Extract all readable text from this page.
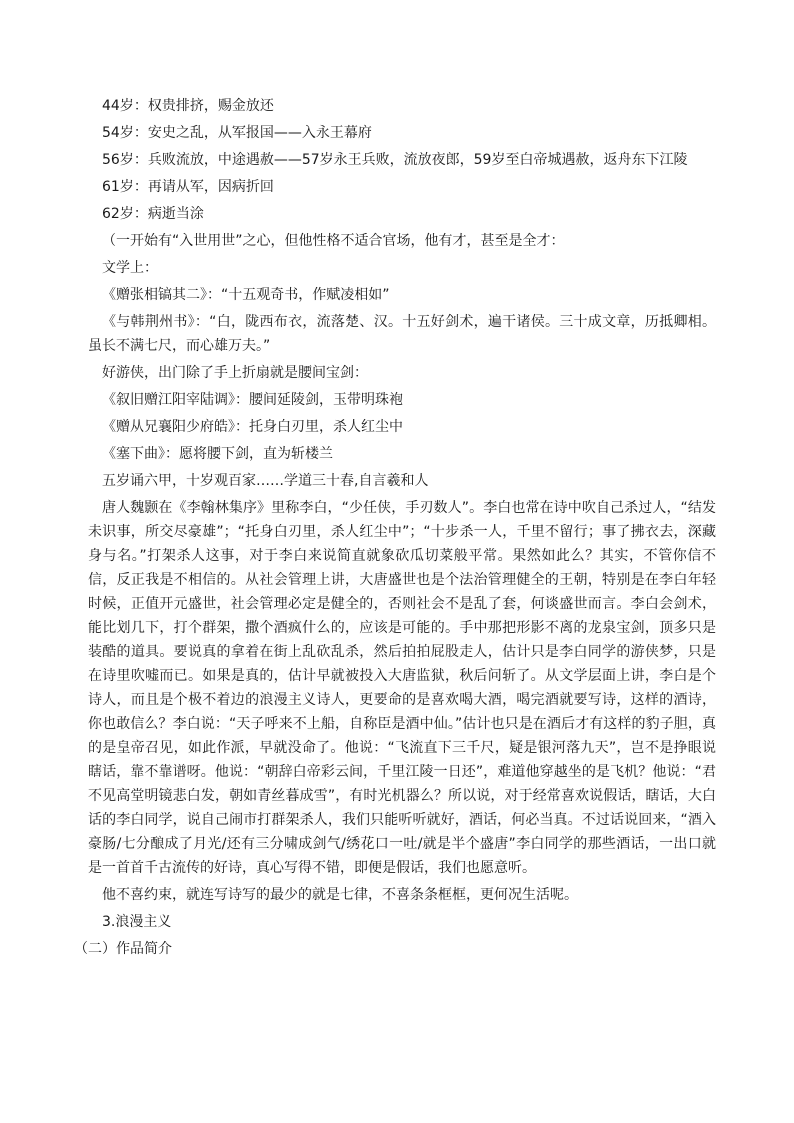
44岁：权贵排挤，赐金放还

54岁：安史之乱，从军报国——入永王幕府

56岁：兵败流放，中途遇赦——57岁永王兵败，流放夜郎，59岁至白帝城遇赦，返舟东下江陵

61岁：再请从军，因病折回

62岁：病逝当涂

（一开始有“入世用世”之心，但他性格不适合官场，他有才，甚至是全才：

文学上：

《赠张相镐其二》：“十五观奇书，作赋凌相如”

《与韩荆州书》：“白，陇西布衣，流落楚、汉。十五好剑术，遍干诸侯。三十成文章，历抵卿相。虽长不满七尺，而心雄万夫。”

好游侠，出门除了手上折扇就是腰间宝剑：

《叙旧赠江阳宰陆调》：腰间延陵剑，玉带明珠袍

《赠从兄襄阳少府皓》：托身白刃里，杀人红尘中

《塞下曲》：愿将腰下剑，直为斩楼兰

五岁诵六甲，十岁观百家……学道三十春,自言羲和人

唐人魏颢在《李翰林集序》里称李白，“少任侠，手刃数人”。李白也常在诗中吹自己杀过人，“结发未识事，所交尽豪雄”；“托身白刃里，杀人红尘中”；“十步杀一人，千里不留行；事了拂衣去，深藏身与名。”打架杀人这事，对于李白来说简直就象砍瓜切菜般平常。果然如此么？其实，不管你信不信，反正我是不相信的。从社会管理上讲，大唐盛世也是个法治管理健全的王朝，特别是在李白年轻时候，正值开元盛世，社会管理必定是健全的，否则社会不是乱了套，何谈盛世而言。李白会剑术，能比划几下，打个群架，撒个酒疯什么的，应该是可能的。手中那把形影不离的龙泉宝剑，顶多只是装酷的道具。要说真的拿着在街上乱砍乱杀，然后拍拍屁股走人，估计只是李白同学的游侠梦，只是在诗里吹嘘而已。如果是真的，估计早就被投入大唐监狱，秋后问斩了。从文学层面上讲，李白是个诗人，而且是个极不着边的浪漫主义诗人，更要命的是喜欢喝大酒，喝完酒就要写诗，这样的酒诗，你也敢信么？李白说：“天子呼来不上船，自称臣是酒中仙。”估计也只是在酒后才有这样的豹子胆，真的是皇帝召见，如此作派，早就没命了。他说：“飞流直下三千尺，疑是银河落九天”，岂不是挣眼说瞎话，靠不靠谱呀。他说：“朝辞白帝彩云间，千里江陵一日还”，难道他穿越坐的是飞机？他说：“君不见高堂明镜悲白发，朝如青丝暮成雪”，有时光机器么？所以说，对于经常喜欢说假话，瞎话，大白话的李白同学，说自己闹市打群架杀人，我们只能听听就好，酒话，何必当真。不过话说回来，“酒入豪肠/七分酿成了月光/还有三分啸成剑气/绣花口一吐/就是半个盛唐”李白同学的那些酒话，一出口就是一首首千古流传的好诗，真心写得不错，即便是假话，我们也愿意听。

他不喜约束，就连写诗写的最少的就是七律，不喜条条框框，更何况生活呢。

3.浪漫主义

（二）作品简介
